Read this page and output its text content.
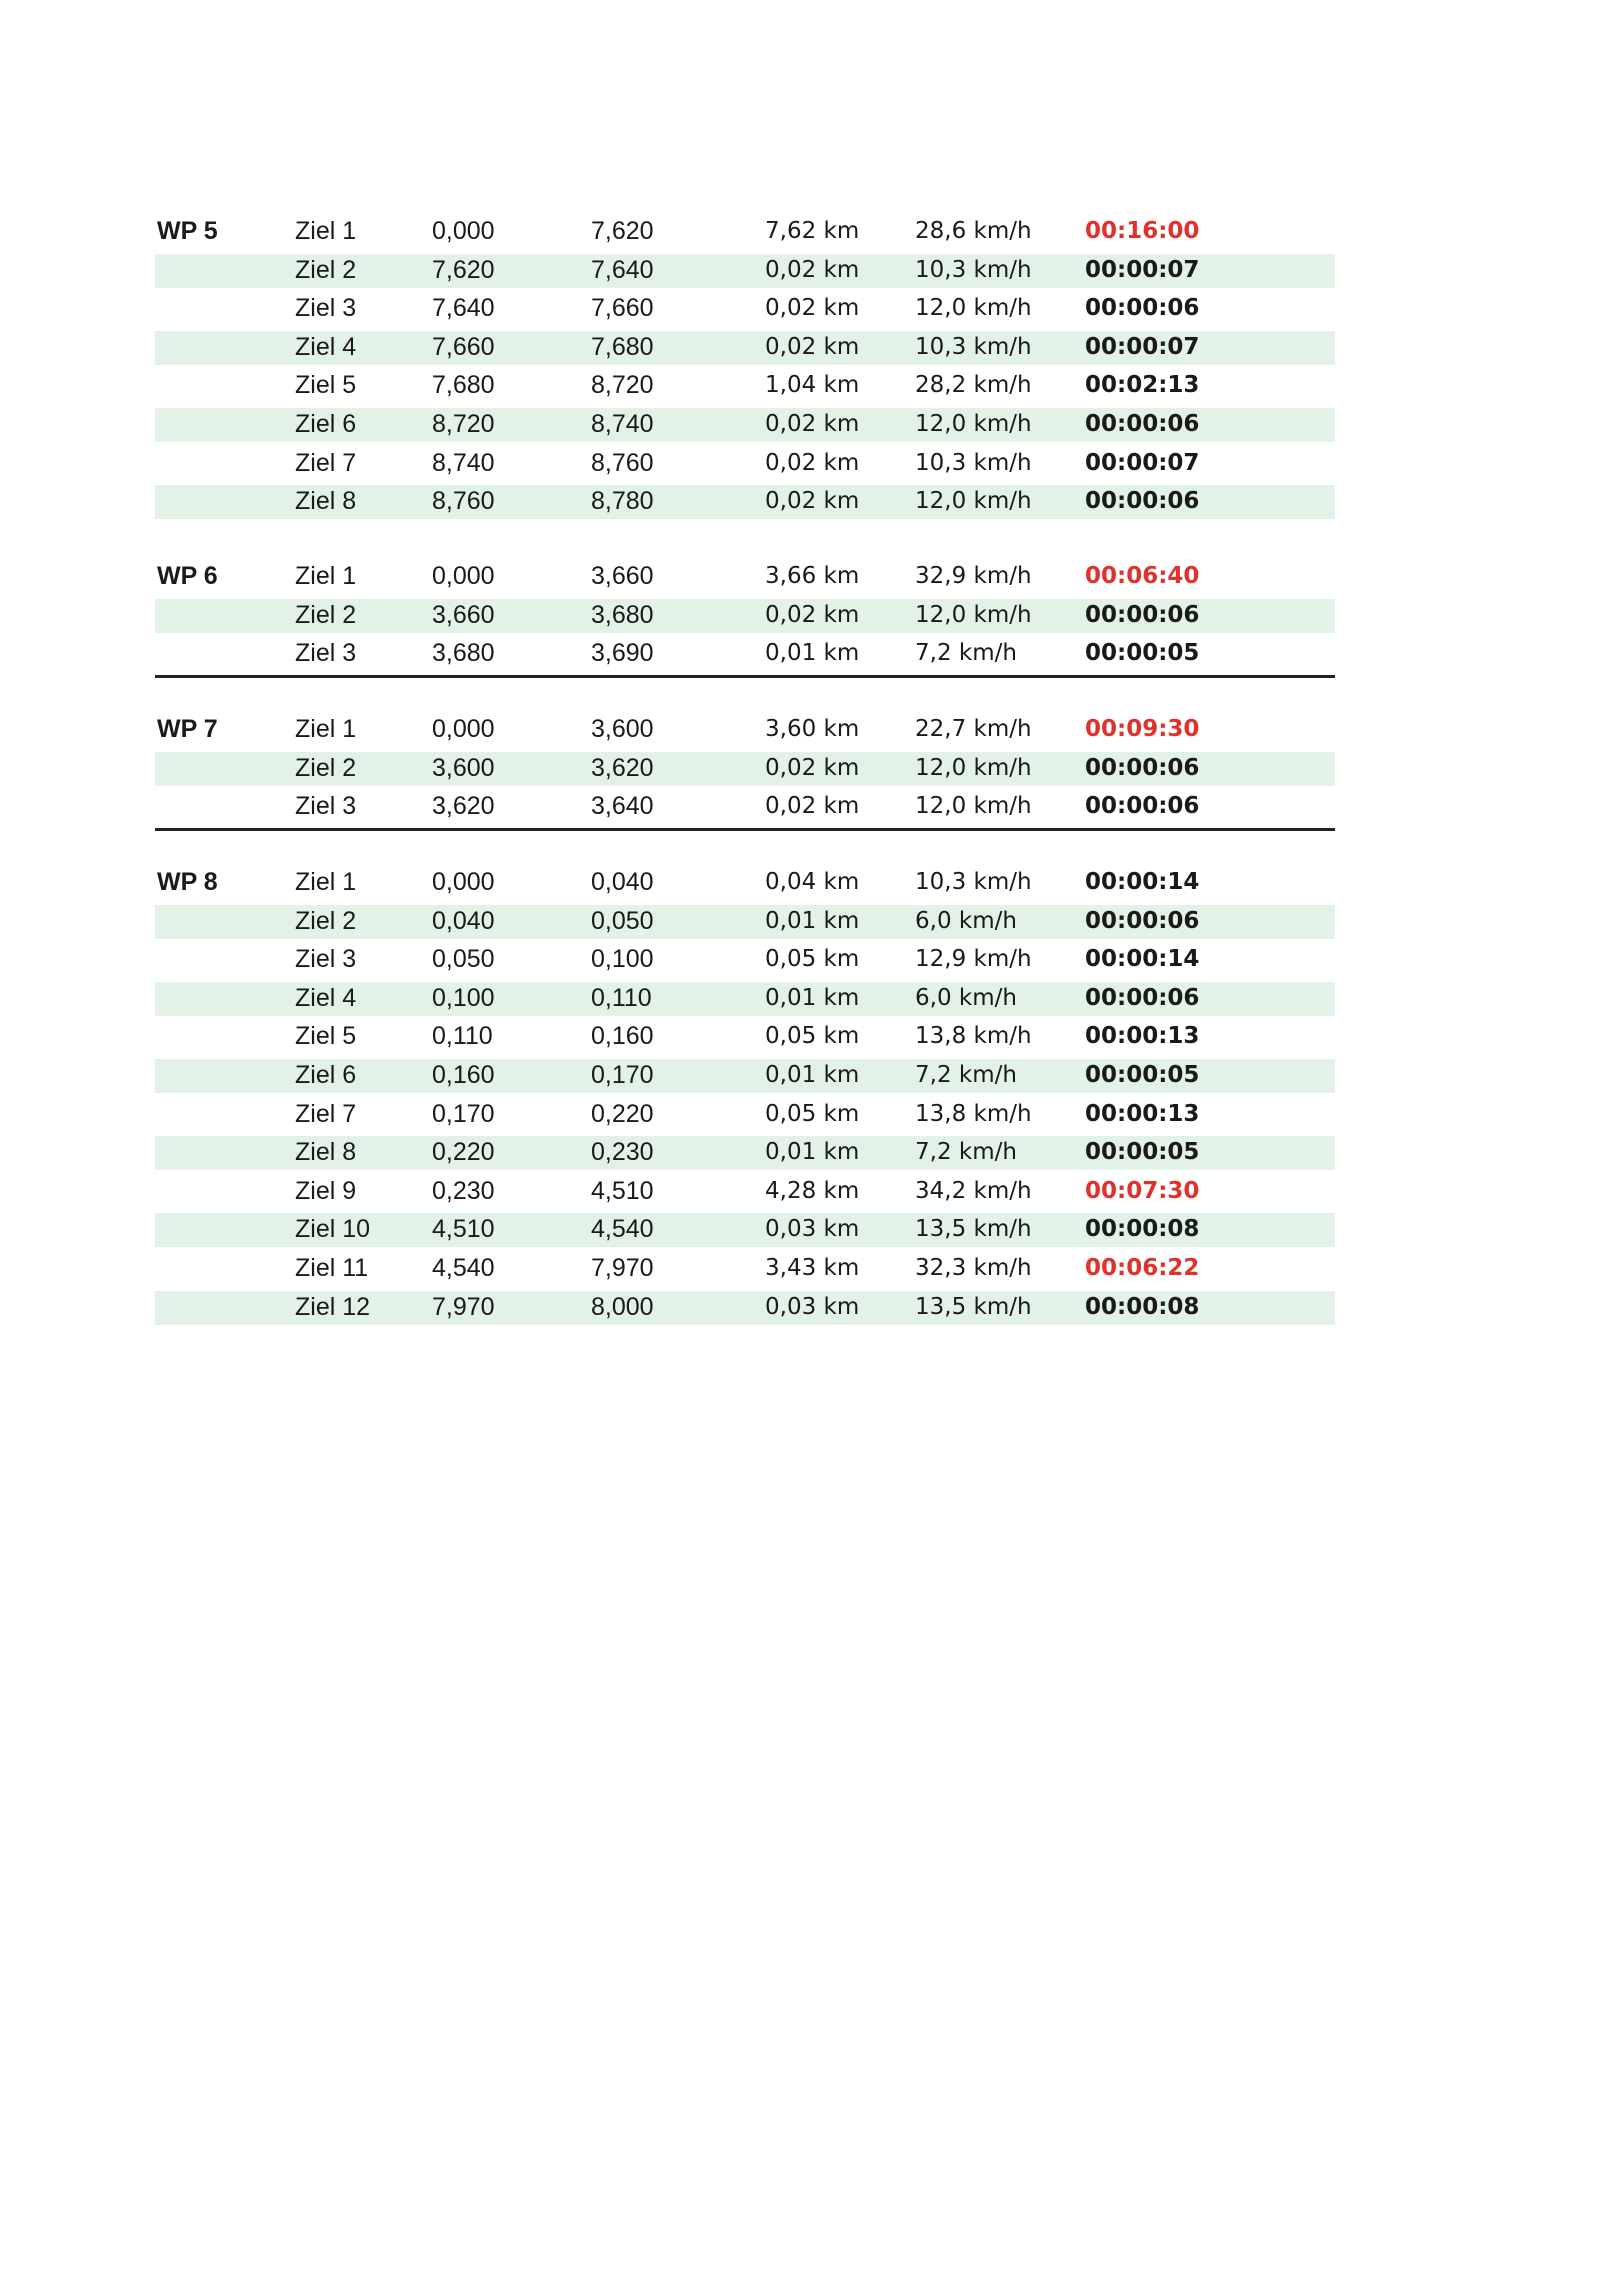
WP 5	Ziel 1	0,000	7,620	7,62 km 28,6 km/h 00:16:00
Ziel 2	7,620	7,640	0,02 km 10,3 km/h 00:00:07
Ziel 3	7,640	7,660	0,02 km 12,0 km/h 00:00:06
Ziel 4	7,660	7,680	0,02 km 10,3 km/h 00:00:07
Ziel 5	7,680	8,720	1,04 km 28,2 km/h 00:02:13
Ziel 6	8,720	8,740	0,02 km 12,0 km/h 00:00:06
Ziel 7	8,740	8,760	0,02 km 10,3 km/h 00:00:07
Ziel 8	8,760	8,780	0,02 km 12,0 km/h 00:00:06
WP 6	Ziel 1	0,000	3,660	3,66 km 32,9 km/h 00:06:40
Ziel 2	3,660	3,680	0,02 km 12,0 km/h 00:00:06
Ziel 3	3,680	3,690	0,01 km 7,2 km/h	00:00:05
WP 7	Ziel 1	0,000	3,600	3,60 km 22,7 km/h 00:09:30
Ziel 2	3,600	3,620	0,02 km 12,0 km/h 00:00:06
Ziel 3	3,620	3,640	0,02 km 12,0 km/h 00:00:06
WP 8	Ziel 1	0,000	0,040	0,04 km 10,3 km/h 00:00:14
Ziel 2	0,040	0,050	0,01 km 6,0 km/h	00:00:06
Ziel 3	0,050	0,100	0,05 km 12,9 km/h 00:00:14
Ziel 4	0,100	0,110	0,01 km 6,0 km/h	00:00:06
Ziel 5	0,110	0,160	0,05 km 13,8 km/h 00:00:13
Ziel 6	0,160	0,170	0,01 km 7,2 km/h	00:00:05
Ziel 7	0,170	0,220	0,05 km 13,8 km/h 00:00:13
Ziel 8	0,220	0,230	0,01 km 7,2 km/h	00:00:05
Ziel 9	0,230	4,510	4,28 km 34,2 km/h 00:07:30
Ziel 10 4,510	4,540	0,03 km 13,5 km/h 00:00:08
Ziel 11	4,540	7,970	3,43 km 32,3 km/h 00:06:22
Ziel 12 7,970	8,000	0,03 km 13,5 km/h 00:00:08
